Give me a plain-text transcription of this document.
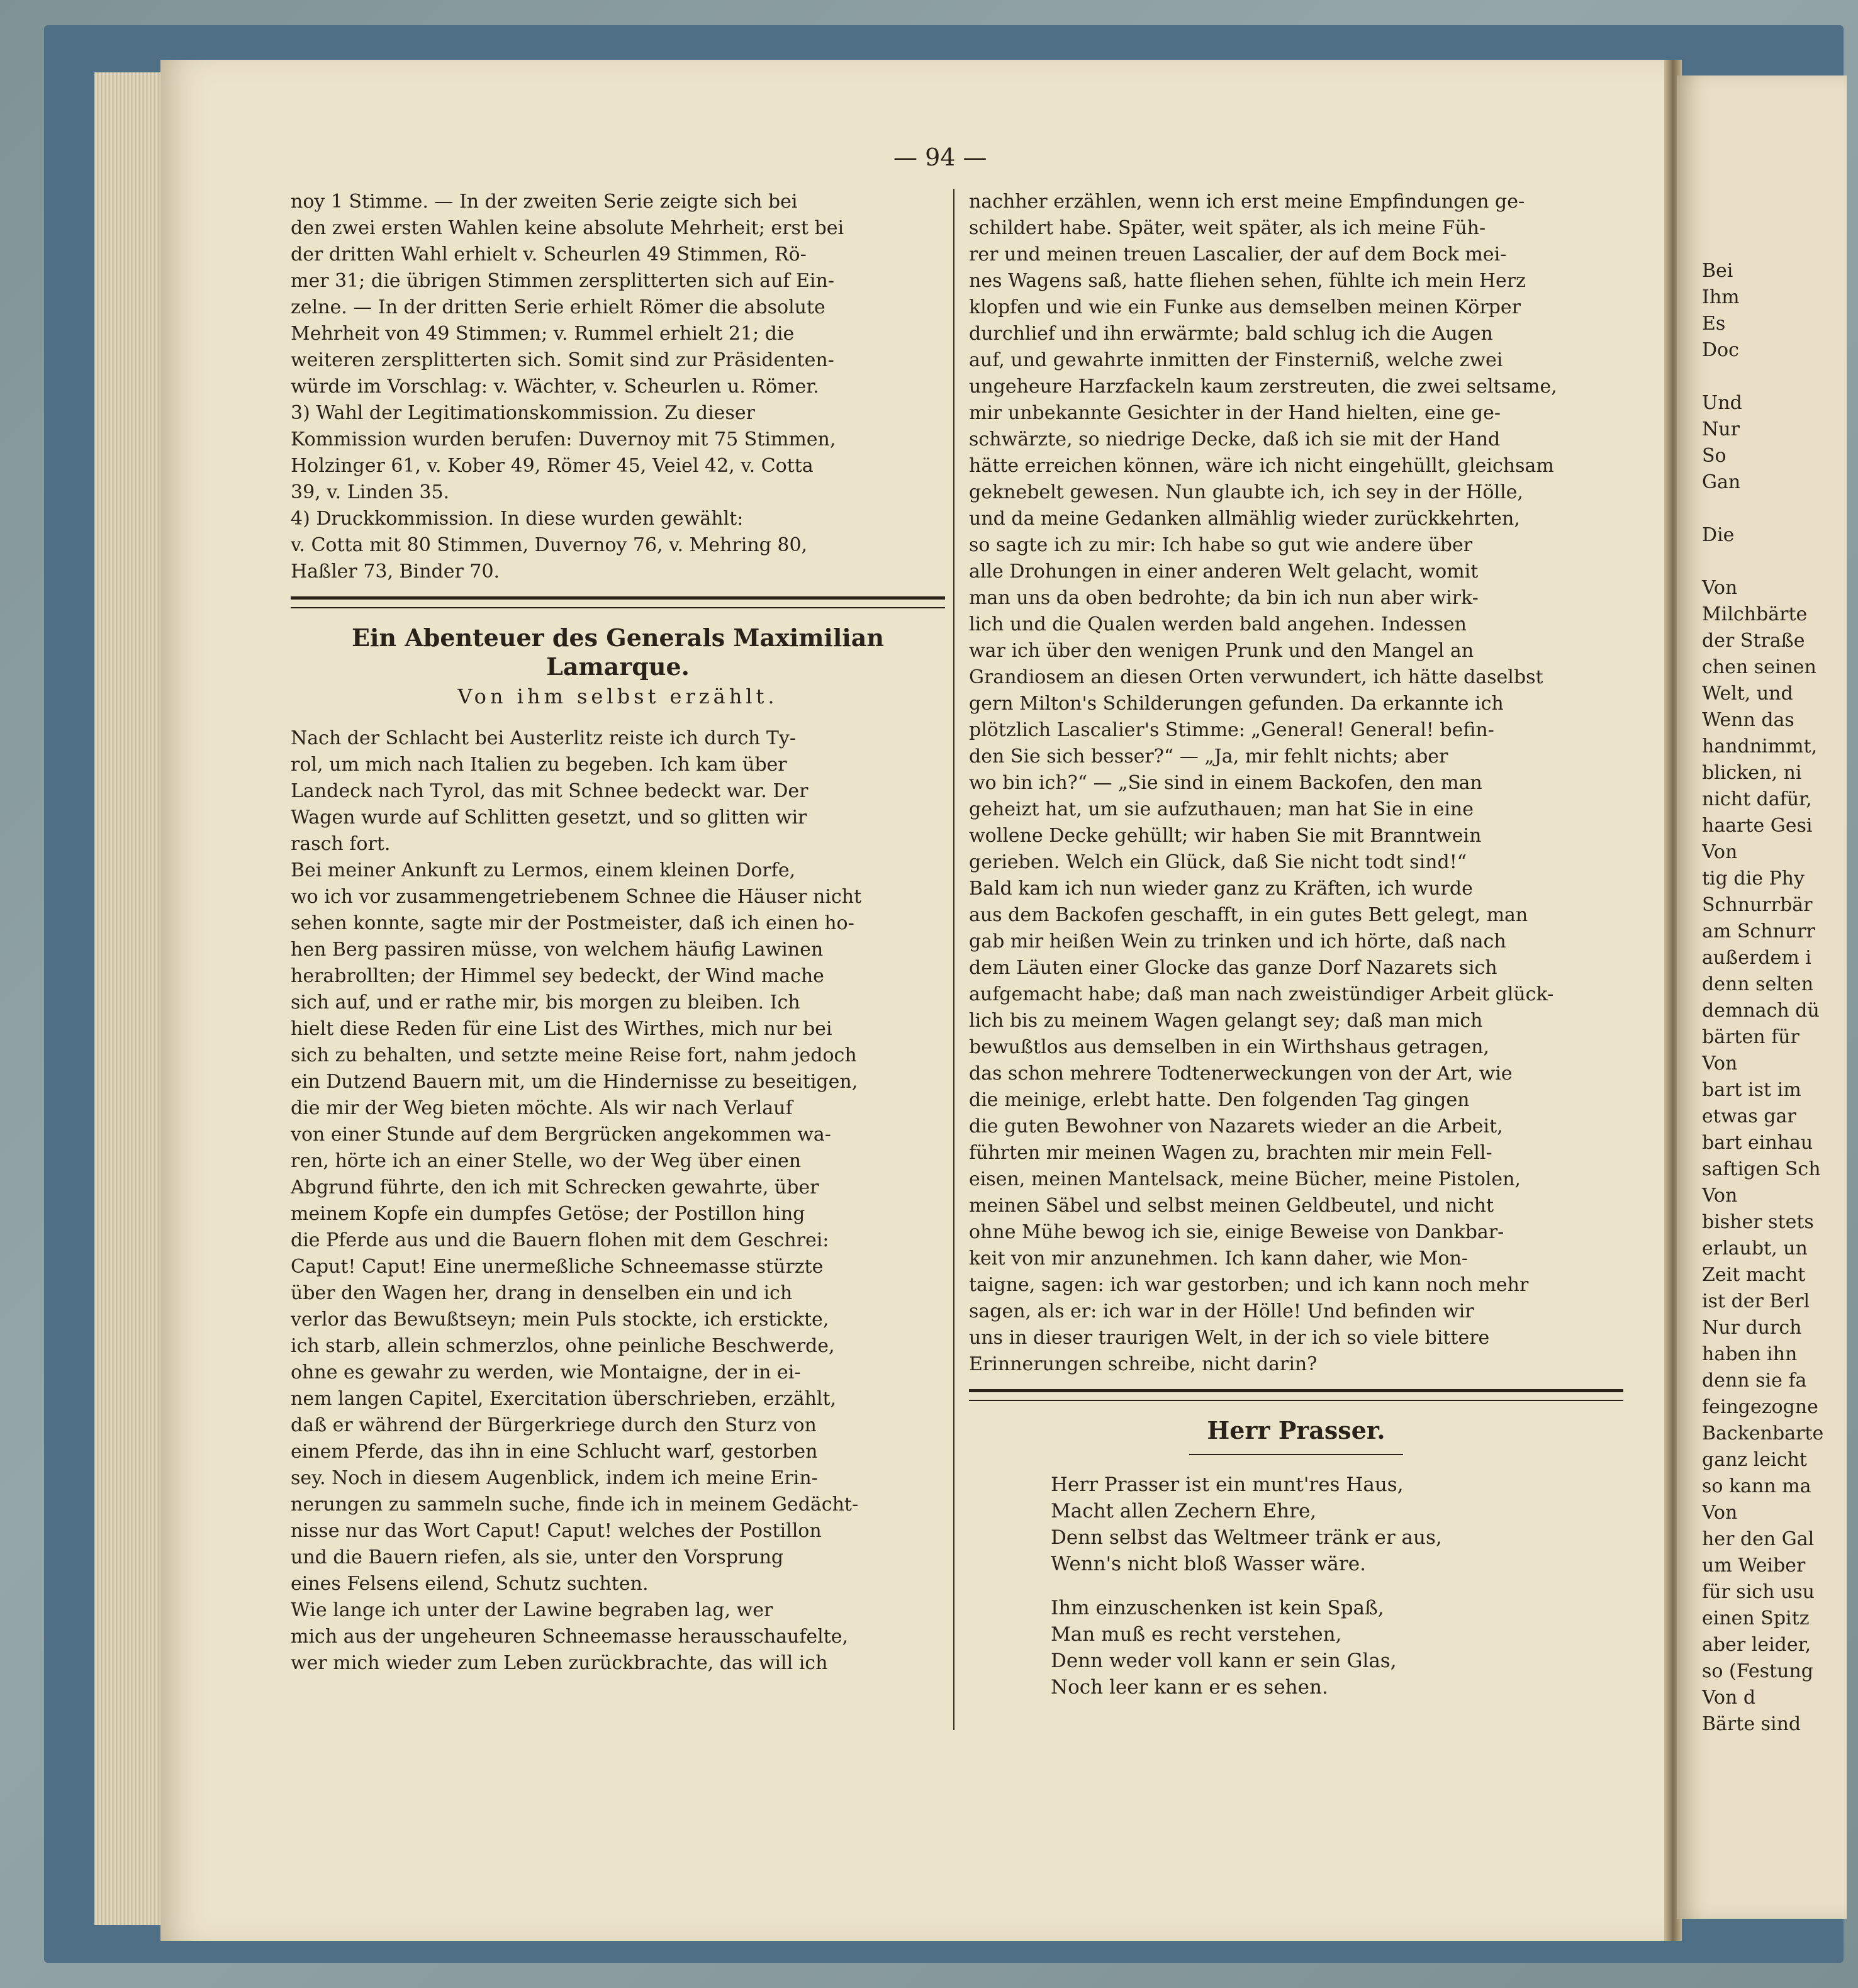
Bei
Ihm
Es
Doc
Und
Nur
So
Gan
Die
Von
Milchbärte
der Straße
chen seinen
Welt, und
Wenn das
handnimmt,
blicken, ni
nicht dafür,
haarte Gesi
Von
tig die Phy
Schnurrbär
am Schnurr
außerdem i
denn selten
demnach dü
bärten für
Von
bart ist im
etwas gar
bart einhau
saftigen Sch
Von
bisher stets
erlaubt, un
Zeit macht
ist der Berl
Nur durch
haben ihn
denn sie fa
feingezogne
Backenbarte
ganz leicht
so kann ma
Von
her den Gal
um Weiber
für sich usu
einen Spitz
aber leider,
so (Festung
Von d
Bärte sind
— 94 —
noy 1 Stimme. — In der zweiten Serie zeigte sich bei
den zwei ersten Wahlen keine absolute Mehrheit; erst bei
der dritten Wahl erhielt v. Scheurlen 49 Stimmen, Rö-
mer 31; die übrigen Stimmen zersplitterten sich auf Ein-
zelne. — In der dritten Serie erhielt Römer die absolute
Mehrheit von 49 Stimmen; v. Rummel erhielt 21; die
weiteren zersplitterten sich. Somit sind zur Präsidenten-
würde im Vorschlag: v. Wächter, v. Scheurlen u. Römer.
3) Wahl der Legitimationskommission. Zu dieser
Kommission wurden berufen: Duvernoy mit 75 Stimmen,
Holzinger 61, v. Kober 49, Römer 45, Veiel 42, v. Cotta
39, v. Linden 35.
4) Druckkommission. In diese wurden gewählt:
v. Cotta mit 80 Stimmen, Duvernoy 76, v. Mehring 80,
Haßler 73, Binder 70.
Ein Abenteuer des Generals Maximilian
Lamarque.
Von ihm selbst erzählt.
Nach der Schlacht bei Austerlitz reiste ich durch Ty-
rol, um mich nach Italien zu begeben. Ich kam über
Landeck nach Tyrol, das mit Schnee bedeckt war. Der
Wagen wurde auf Schlitten gesetzt, und so glitten wir
rasch fort.
Bei meiner Ankunft zu Lermos, einem kleinen Dorfe,
wo ich vor zusammengetriebenem Schnee die Häuser nicht
sehen konnte, sagte mir der Postmeister, daß ich einen ho-
hen Berg passiren müsse, von welchem häufig Lawinen
herabrollten; der Himmel sey bedeckt, der Wind mache
sich auf, und er rathe mir, bis morgen zu bleiben. Ich
hielt diese Reden für eine List des Wirthes, mich nur bei
sich zu behalten, und setzte meine Reise fort, nahm jedoch
ein Dutzend Bauern mit, um die Hindernisse zu beseitigen,
die mir der Weg bieten möchte. Als wir nach Verlauf
von einer Stunde auf dem Bergrücken angekommen wa-
ren, hörte ich an einer Stelle, wo der Weg über einen
Abgrund führte, den ich mit Schrecken gewahrte, über
meinem Kopfe ein dumpfes Getöse; der Postillon hing
die Pferde aus und die Bauern flohen mit dem Geschrei:
Caput! Caput! Eine unermeßliche Schneemasse stürzte
über den Wagen her, drang in denselben ein und ich
verlor das Bewußtseyn; mein Puls stockte, ich erstickte,
ich starb, allein schmerzlos, ohne peinliche Beschwerde,
ohne es gewahr zu werden, wie Montaigne, der in ei-
nem langen Capitel, Exercitation überschrieben, erzählt,
daß er während der Bürgerkriege durch den Sturz von
einem Pferde, das ihn in eine Schlucht warf, gestorben
sey. Noch in diesem Augenblick, indem ich meine Erin-
nerungen zu sammeln suche, finde ich in meinem Gedächt-
nisse nur das Wort Caput! Caput! welches der Postillon
und die Bauern riefen, als sie, unter den Vorsprung
eines Felsens eilend, Schutz suchten.
Wie lange ich unter der Lawine begraben lag, wer
mich aus der ungeheuren Schneemasse herausschaufelte,
wer mich wieder zum Leben zurückbrachte, das will ich
nachher erzählen, wenn ich erst meine Empfindungen ge-
schildert habe. Später, weit später, als ich meine Füh-
rer und meinen treuen Lascalier, der auf dem Bock mei-
nes Wagens saß, hatte fliehen sehen, fühlte ich mein Herz
klopfen und wie ein Funke aus demselben meinen Körper
durchlief und ihn erwärmte; bald schlug ich die Augen
auf, und gewahrte inmitten der Finsterniß, welche zwei
ungeheure Harzfackeln kaum zerstreuten, die zwei seltsame,
mir unbekannte Gesichter in der Hand hielten, eine ge-
schwärzte, so niedrige Decke, daß ich sie mit der Hand
hätte erreichen können, wäre ich nicht eingehüllt, gleichsam
geknebelt gewesen. Nun glaubte ich, ich sey in der Hölle,
und da meine Gedanken allmählig wieder zurückkehrten,
so sagte ich zu mir: Ich habe so gut wie andere über
alle Drohungen in einer anderen Welt gelacht, womit
man uns da oben bedrohte; da bin ich nun aber wirk-
lich und die Qualen werden bald angehen. Indessen
war ich über den wenigen Prunk und den Mangel an
Grandiosem an diesen Orten verwundert, ich hätte daselbst
gern Milton's Schilderungen gefunden. Da erkannte ich
plötzlich Lascalier's Stimme: „General! General! befin-
den Sie sich besser?“ — „Ja, mir fehlt nichts; aber
wo bin ich?“ — „Sie sind in einem Backofen, den man
geheizt hat, um sie aufzuthauen; man hat Sie in eine
wollene Decke gehüllt; wir haben Sie mit Branntwein
gerieben. Welch ein Glück, daß Sie nicht todt sind!“
Bald kam ich nun wieder ganz zu Kräften, ich wurde
aus dem Backofen geschafft, in ein gutes Bett gelegt, man
gab mir heißen Wein zu trinken und ich hörte, daß nach
dem Läuten einer Glocke das ganze Dorf Nazarets sich
aufgemacht habe; daß man nach zweistündiger Arbeit glück-
lich bis zu meinem Wagen gelangt sey; daß man mich
bewußtlos aus demselben in ein Wirthshaus getragen,
das schon mehrere Todtenerweckungen von der Art, wie
die meinige, erlebt hatte. Den folgenden Tag gingen
die guten Bewohner von Nazarets wieder an die Arbeit,
führten mir meinen Wagen zu, brachten mir mein Fell-
eisen, meinen Mantelsack, meine Bücher, meine Pistolen,
meinen Säbel und selbst meinen Geldbeutel, und nicht
ohne Mühe bewog ich sie, einige Beweise von Dankbar-
keit von mir anzunehmen. Ich kann daher, wie Mon-
taigne, sagen: ich war gestorben; und ich kann noch mehr
sagen, als er: ich war in der Hölle! Und befinden wir
uns in dieser traurigen Welt, in der ich so viele bittere
Erinnerungen schreibe, nicht darin?
Herr Prasser.
Herr Prasser ist ein munt'res Haus,
Macht allen Zechern Ehre,
Denn selbst das Weltmeer tränk er aus,
Wenn's nicht bloß Wasser wäre.
Ihm einzuschenken ist kein Spaß,
Man muß es recht verstehen,
Denn weder voll kann er sein Glas,
Noch leer kann er es sehen.
